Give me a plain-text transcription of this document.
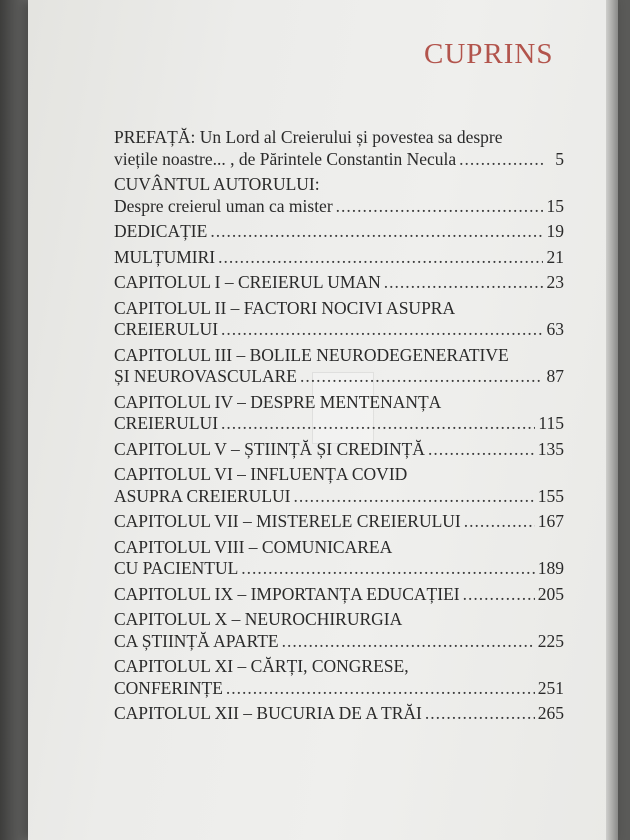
CUPRINS
PREFAȚĂ: Un Lord al Creierului și povestea sa despre
viețile noastre... , de Părintele Constantin Necula .....	5
CUVÂNTUL AUTORULUI:
Despre creierul uman ca mister .....	15
DEDICAȚIE .....	19
MULȚUMIRI .....	21
CAPITOLUL I – CREIERUL UMAN .....	23
CAPITOLUL II – FACTORI NOCIVI ASUPRA
CREIERULUI .....	63
CAPITOLUL III – BOLILE NEURODEGENERATIVE
ȘI NEUROVASCULARE .....	87
CAPITOLUL IV – DESPRE MENTENANȚA
CREIERULUI .....	115
CAPITOLUL V – ȘTIINȚĂ ȘI CREDINȚĂ .....	135
CAPITOLUL VI – INFLUENȚA COVID
ASUPRA CREIERULUI .....	155
CAPITOLUL VII – MISTERELE CREIERULUI .....	167
CAPITOLUL VIII – COMUNICAREA
CU PACIENTUL .....	189
CAPITOLUL IX – IMPORTANȚA EDUCAȚIEI .....	205
CAPITOLUL X – NEUROCHIRURGIA
CA ȘTIINȚĂ APARTE .....	225
CAPITOLUL XI – CĂRȚI, CONGRESE,
CONFERINȚE .....	251
CAPITOLUL XII – BUCURIA DE A TRĂI .....	265
